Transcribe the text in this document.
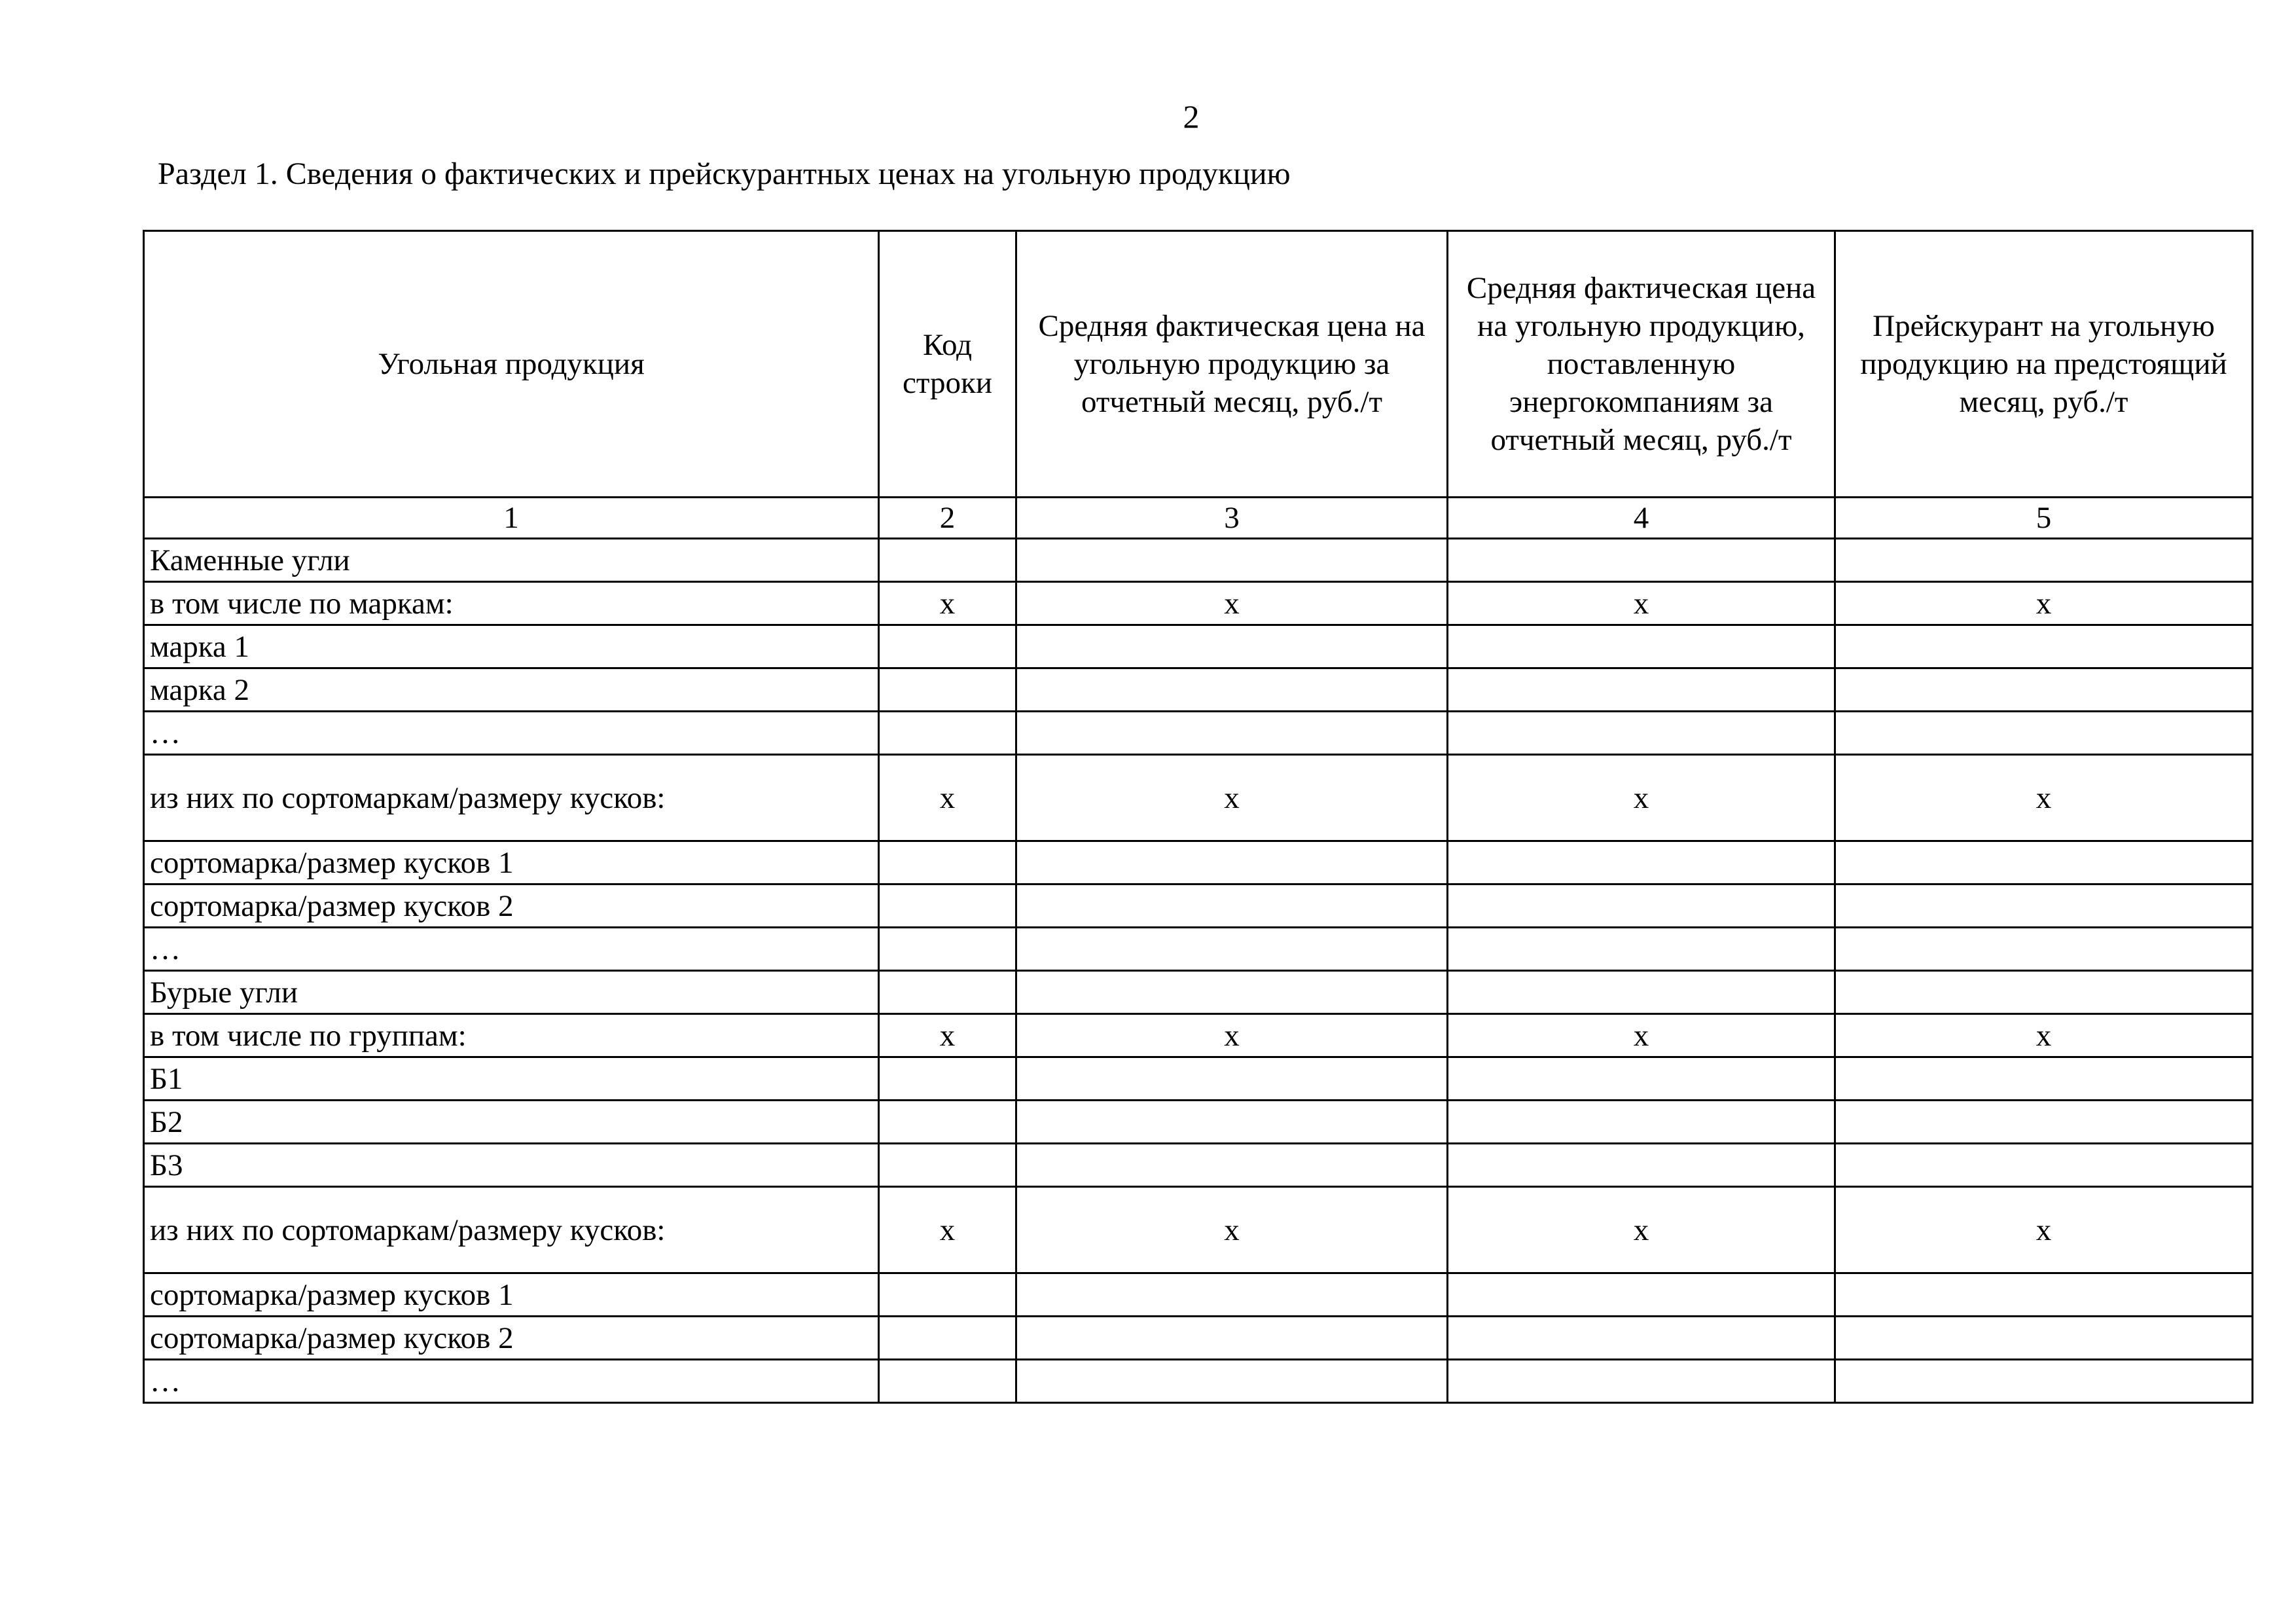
2
Раздел 1. Сведения о фактических и прейскурантных ценах на угольную продукцию
Угольная продукция	Код строки	Средняя фактическая цена на угольную продукцию за отчетный месяц, руб./т	Средняя фактическая цена на угольную продукцию, поставленную энергокомпаниям за отчетный месяц, руб./т	Прейскурант на угольную продукцию на предстоящий месяц, руб./т
1	2	3	4	5
Каменные угли				
в том числе по маркам:	x	x	x	x
марка 1				
марка 2				
…				
из них по сортомаркам/размеру кусков:	x	x	x	x
сортомарка/размер кусков 1				
сортомарка/размер кусков 2				
…				
Бурые угли				
в том числе по группам:	x	x	x	x
Б1				
Б2				
Б3				
из них по сортомаркам/размеру кусков:	x	x	x	x
сортомарка/размер кусков 1				
сортомарка/размер кусков 2				
…				
